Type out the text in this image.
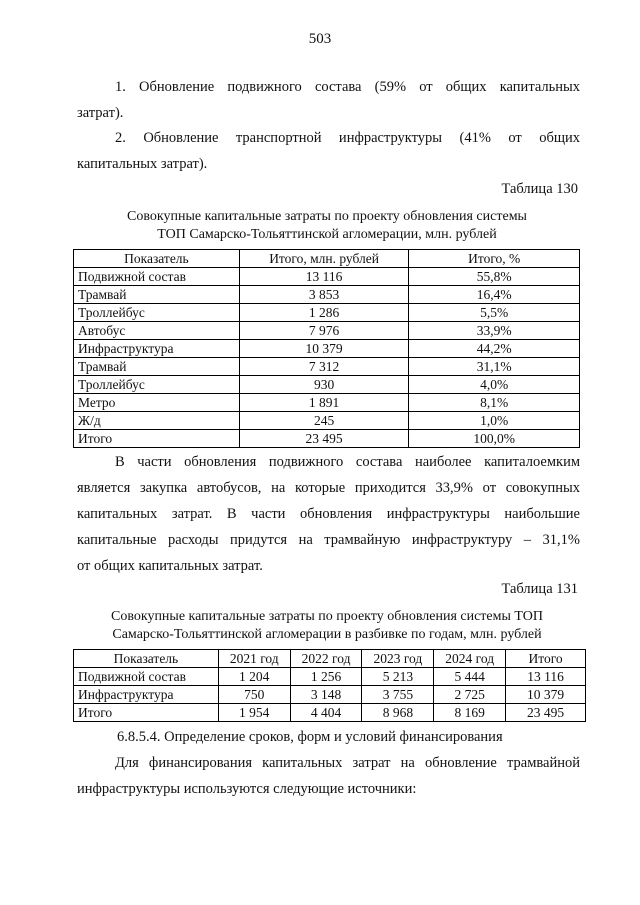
503
1. Обновление подвижного состава (59% от общих капитальных
затрат).
2. Обновление транспортной инфраструктуры (41% от общих
капитальных затрат).
Таблица 130
Совокупные капитальные затраты по проекту обновления системы
ТОП Самарско-Тольяттинской агломерации, млн. рублей
Показатель	Итого, млн. рублей	Итого, %
Подвижной состав	13 116	55,8%
Трамвай	3 853	16,4%
Троллейбус	1 286	5,5%
Автобус	7 976	33,9%
Инфраструктура	10 379	44,2%
Трамвай	7 312	31,1%
Троллейбус	930	4,0%
Метро	1 891	8,1%
Ж/д	245	1,0%
Итого	23 495	100,0%
В части обновления подвижного состава наиболее капиталоемким
является закупка автобусов, на которые приходится 33,9% от совокупных
капитальных затрат. В части обновления инфраструктуры наибольшие
капитальные расходы придутся на трамвайную инфраструктуру – 31,1%
от общих капитальных затрат.
Таблица 131
Совокупные капитальные затраты по проекту обновления системы ТОП
Самарско-Тольяттинской агломерации в разбивке по годам, млн. рублей
Показатель	2021 год	2022 год	2023 год	2024 год	Итого
Подвижной состав	1 204	1 256	5 213	5 444	13 116
Инфраструктура	750	3 148	3 755	2 725	10 379
Итого	1 954	4 404	8 968	8 169	23 495
6.8.5.4. Определение сроков, форм и условий финансирования
Для финансирования капитальных затрат на обновление трамвайной
инфраструктуры используются следующие источники:
